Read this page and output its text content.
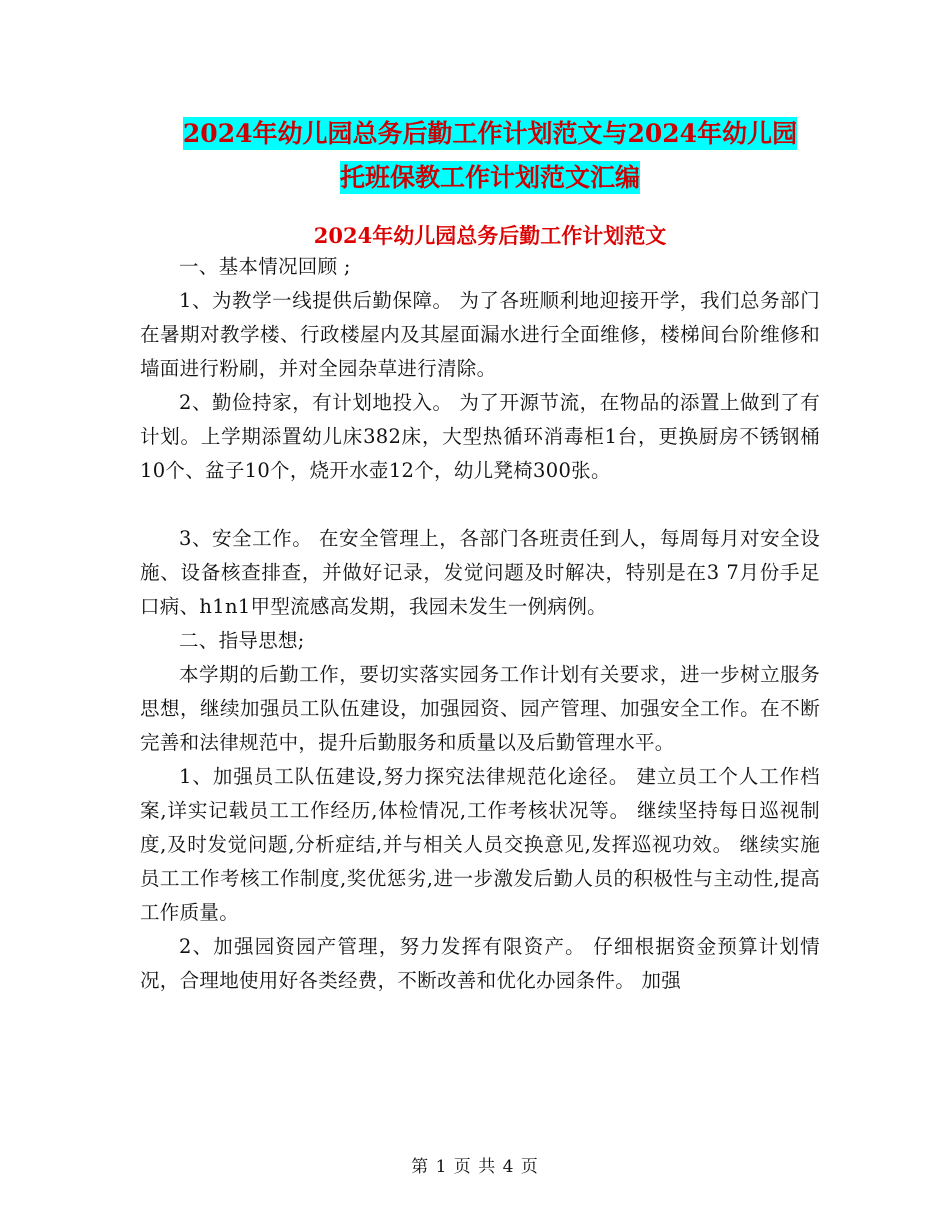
2024年幼儿园总务后勤工作计划范文与2024年幼儿园
托班保教工作计划范文汇编
2024年幼儿园总务后勤工作计划范文

一、基本情况回顾 ;

1、为教学一线提供后勤保障。 为了各班顺利地迎接开学，我们总务部门在暑期对教学楼、行政楼屋内及其屋面漏水进行全面维修，楼梯间台阶维修和墙面进行粉刷，并对全园杂草进行清除。

2、勤俭持家，有计划地投入。 为了开源节流，在物品的添置上做到了有计划。上学期添置幼儿床382床，大型热循环消毒柜1台，更换厨房不锈钢桶10个、盆子10个，烧开水壶12个，幼儿凳椅300张。

3、安全工作。 在安全管理上，各部门各班责任到人，每周每月对安全设施、设备核查排查，并做好记录，发觉问题及时解决，特别是在3 7月份手足口病、h1n1甲型流感高发期，我园未发生一例病例。

二、指导思想;

本学期的后勤工作，要切实落实园务工作计划有关要求，进一步树立服务思想，继续加强员工队伍建设，加强园资、园产管理、加强安全工作。在不断完善和法律规范中，提升后勤服务和质量以及后勤管理水平。

1、加强员工队伍建设,努力探究法律规范化途径。 建立员工个人工作档案,详实记载员工工作经历,体检情况,工作考核状况等。 继续坚持每日巡视制度,及时发觉问题,分析症结,并与相关人员交换意见,发挥巡视功效。 继续实施员工工作考核工作制度,奖优惩劣,进一步激发后勤人员的积极性与主动性,提高工作质量。

2、加强园资园产管理，努力发挥有限资产。 仔细根据资金预算计划情况，合理地使用好各类经费，不断改善和优化办园条件。 加强

第 1 页 共 4 页
